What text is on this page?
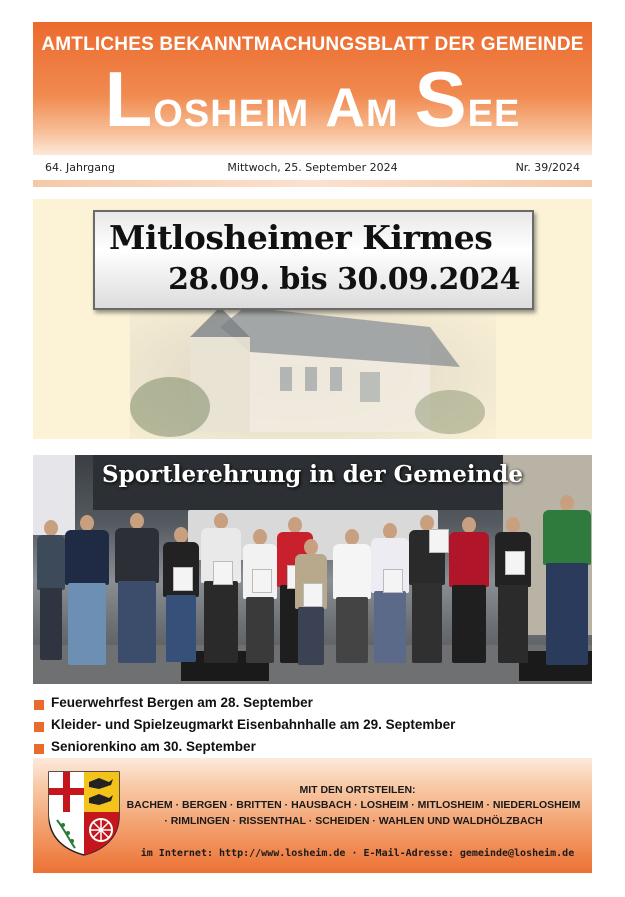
AMTLICHES BEKANNTMACHUNGSBLATT DER GEMEINDE
Losheim am See
64. Jahrgang	Mittwoch, 25. September 2024	Nr. 39/2024
Mitlosheimer Kirmes
28.09. bis 30.09.2024
Sportlerehrung in der Gemeinde
Feuerwehrfest Bergen am 28. September
Kleider- und Spielzeugmarkt Eisenbahnhalle am 29. September
Seniorenkino am 30. September
MIT DEN ORTSTEILEN:
BACHEM · BERGEN · BRITTEN · HAUSBACH · LOSHEIM · MITLOSHEIM · NIEDERLOSHEIM
· RIMLINGEN · RISSENTHAL · SCHEIDEN · WAHLEN UND WALDHÖLZBACH
im Internet: http://www.losheim.de · E-Mail-Adresse: gemeinde@losheim.de
